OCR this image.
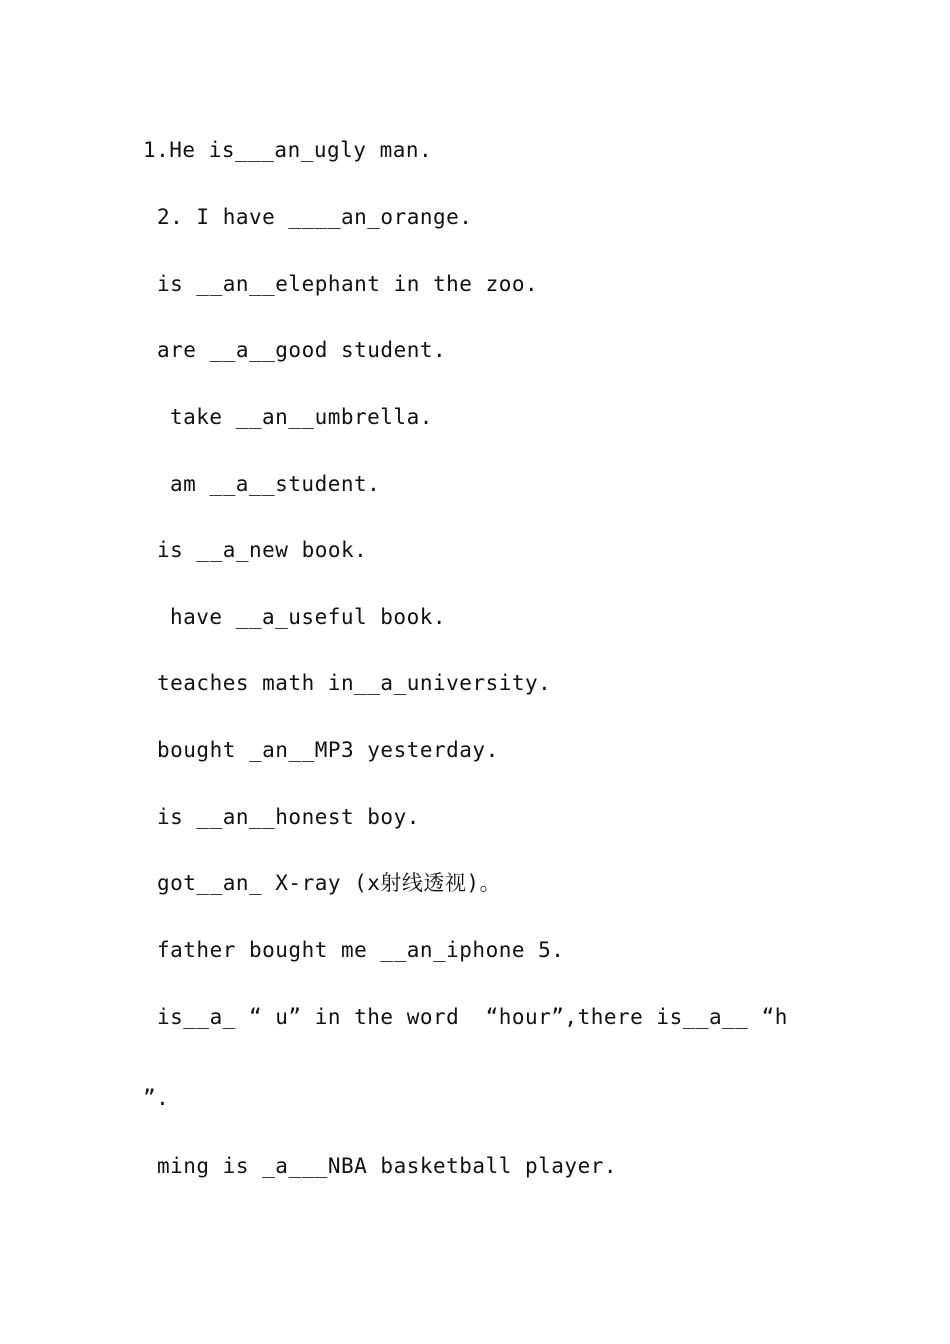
1.He is___an_ugly man.
2. I have ____an_orange.
is __an__elephant in the zoo.
are __a__good student.
take __an__umbrella.
am __a__student.
is __a_new book.
have __a_useful book.
teaches math in__a_university.
bought _an__MP3 yesterday.
is __an__honest boy.
got__an_ X-ray (x射线透视)。
father bought me __an_iphone 5.
is__a_ “ u” in the word  “hour”,there is__a__ “h
”.
ming is _a___NBA basketball player.
